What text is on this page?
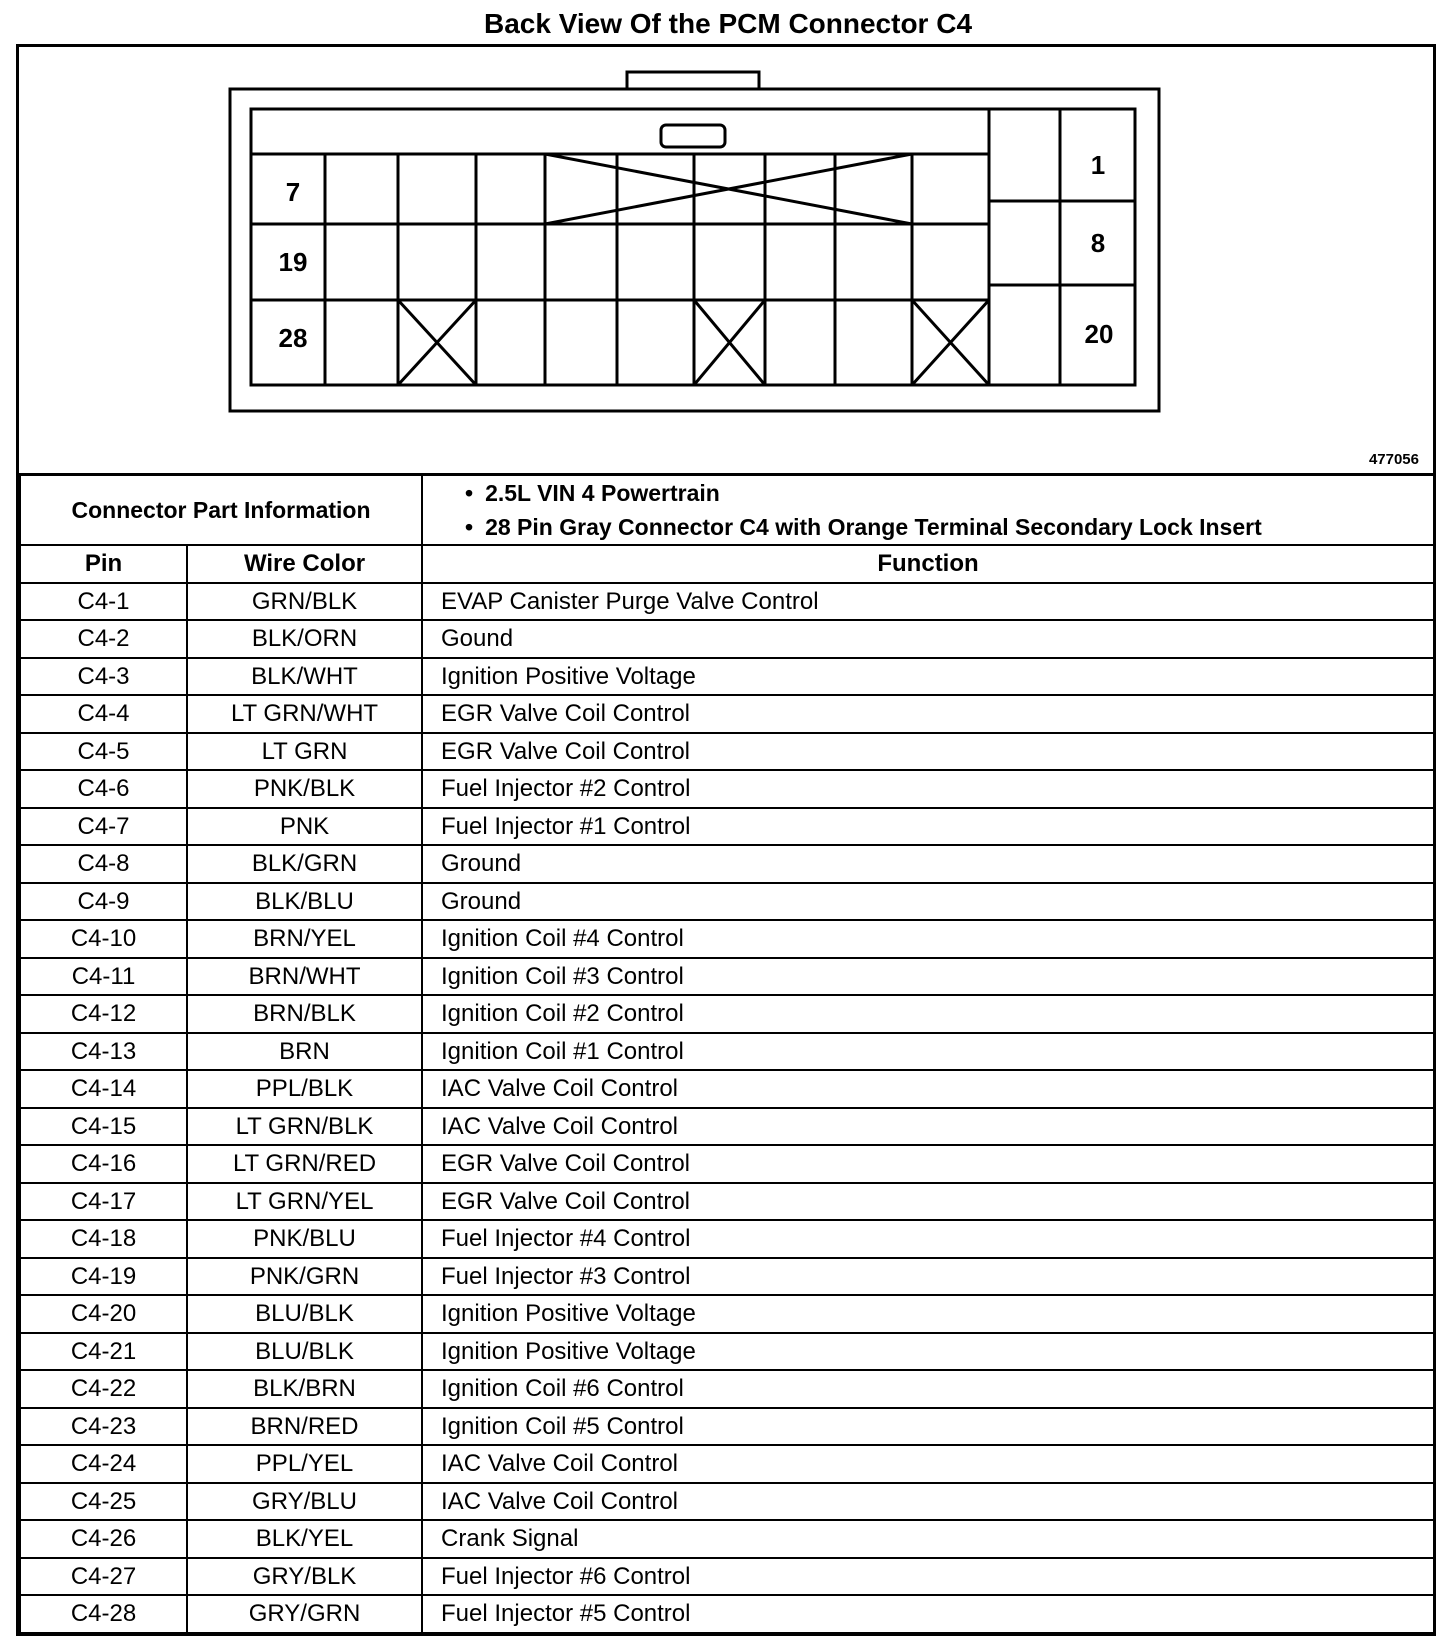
Back View Of the PCM Connector C4
1
7
8
19
20
28
477056
Connector Part Information		• 2.5L VIN 4 Powertrain
• 28 Pin Gray Connector C4 with Orange Terminal Secondary Lock Insert

Pin	Wire Color	Function
C4-1	GRN/BLK	EVAP Canister Purge Valve Control
C4-2	BLK/ORN	Gound
C4-3	BLK/WHT	Ignition Positive Voltage
C4-4	LT GRN/WHT	EGR Valve Coil Control
C4-5	LT GRN	EGR Valve Coil Control
C4-6	PNK/BLK	Fuel Injector #2 Control
C4-7	PNK	Fuel Injector #1 Control
C4-8	BLK/GRN	Ground
C4-9	BLK/BLU	Ground
C4-10	BRN/YEL	Ignition Coil #4 Control
C4-11	BRN/WHT	Ignition Coil #3 Control
C4-12	BRN/BLK	Ignition Coil #2 Control
C4-13	BRN	Ignition Coil #1 Control
C4-14	PPL/BLK	IAC Valve Coil Control
C4-15	LT GRN/BLK	IAC Valve Coil Control
C4-16	LT GRN/RED	EGR Valve Coil Control
C4-17	LT GRN/YEL	EGR Valve Coil Control
C4-18	PNK/BLU	Fuel Injector #4 Control
C4-19	PNK/GRN	Fuel Injector #3 Control
C4-20	BLU/BLK	Ignition Positive Voltage
C4-21	BLU/BLK	Ignition Positive Voltage
C4-22	BLK/BRN	Ignition Coil #6 Control
C4-23	BRN/RED	Ignition Coil #5 Control
C4-24	PPL/YEL	IAC Valve Coil Control
C4-25	GRY/BLU	IAC Valve Coil Control
C4-26	BLK/YEL	Crank Signal
C4-27	GRY/BLK	Fuel Injector #6 Control
C4-28	GRY/GRN	Fuel Injector #5 Control
